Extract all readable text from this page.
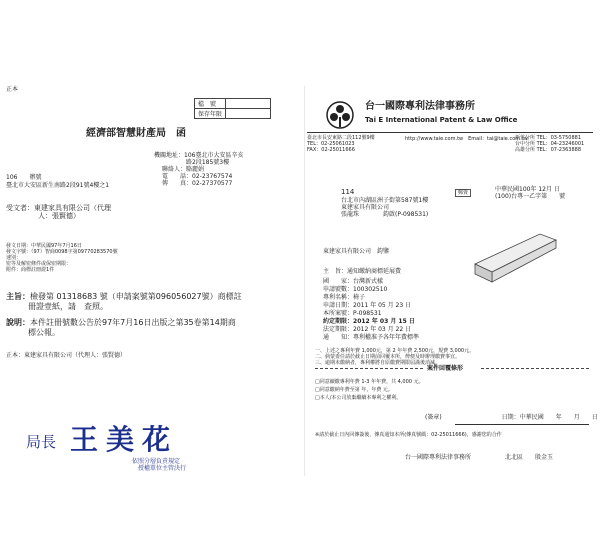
正本
經濟部智慧財產局　函
檔　號	
保存年限	
機關地址：106臺北市大安區辛亥
路2段185號3樓
聯絡人：駱麗娟
電　　話：02-23767574
傳　　真：02-27370577
106　　辦號
臺北市大安區新生南路2段91號4樓之1
受文者：東建家具有限公司（代理
人：張賢德）
發文日期：中華民國97年7月16日
發文字號：（97）智商0098字第09770283570號
速別：
密等及解密條件或保密期限：
附件：商標註冊證1件
主旨：檢發第 01318683 號（申請案號第096056027號）商標註
冊證壹紙，請　查照。
說明：本件註冊號數公告於97年7月16日出版之第35卷第14期商
標公報。
正本：東建家具有限公司（代理人：張賢德）
局長 王美花
依照分層負責規定
授權單位主管決行
台一國際專利法律事務所
Tai E International Patent & Law Office
臺北市長安東路二段112號9樓
TEL：02-25061023
FAX：02-25011666
http://www.taie.com.tw　Email：tai@taie.com.tw
新竹分所 TEL：03-5750881
台中分所 TEL：04-23246001
高雄分所 TEL：07-2363888
114
台北市內湖區洲子街第587號1樓
東建家具有限公司
張龍珠　　　　	鈞啟(P-098531)
郵資	中華民國100年 12月 日
(100)台專一乙字第　　號
東建家具有限公司　鈞鑒
主　旨：通知繳納商標延展費
國　　家：台灣新式樣
申請號數：100302510
專利名稱：椅子
申請日期：2011 年 05 月 23 日
本所案號：P-098531
約定期限：2012 年 03 月 15 日
法定期限：2012 年 03 月 22 日
通　　知：專利權准予各年年費標準
一、上述之專利年費 1,000元，第 2 年年費 2,500元，規費 3,000元。
二、倘蒙委任請於截止日期前回覆本所，俾便及時辦理繳費事宜。
三、逾期未繳納者，專利權將自原繳費期限屆滿後消滅。
案件回覆條形
□同意續繳專利年費 1-3 年年費，共 4,000 元。
□同意繳納年費至第 年，年費 元。
□本人/本公司放棄繼續本專利之權利。
(簽章)　　　　　　　　　　日期：中華民國　　年　　月　　日
※請於截止日內回傳簽後，傳真通知本所(傳真號碼：02-25011666)，感謝您的合作
台一國際專利法律事務所	北北區　　殷金玉
